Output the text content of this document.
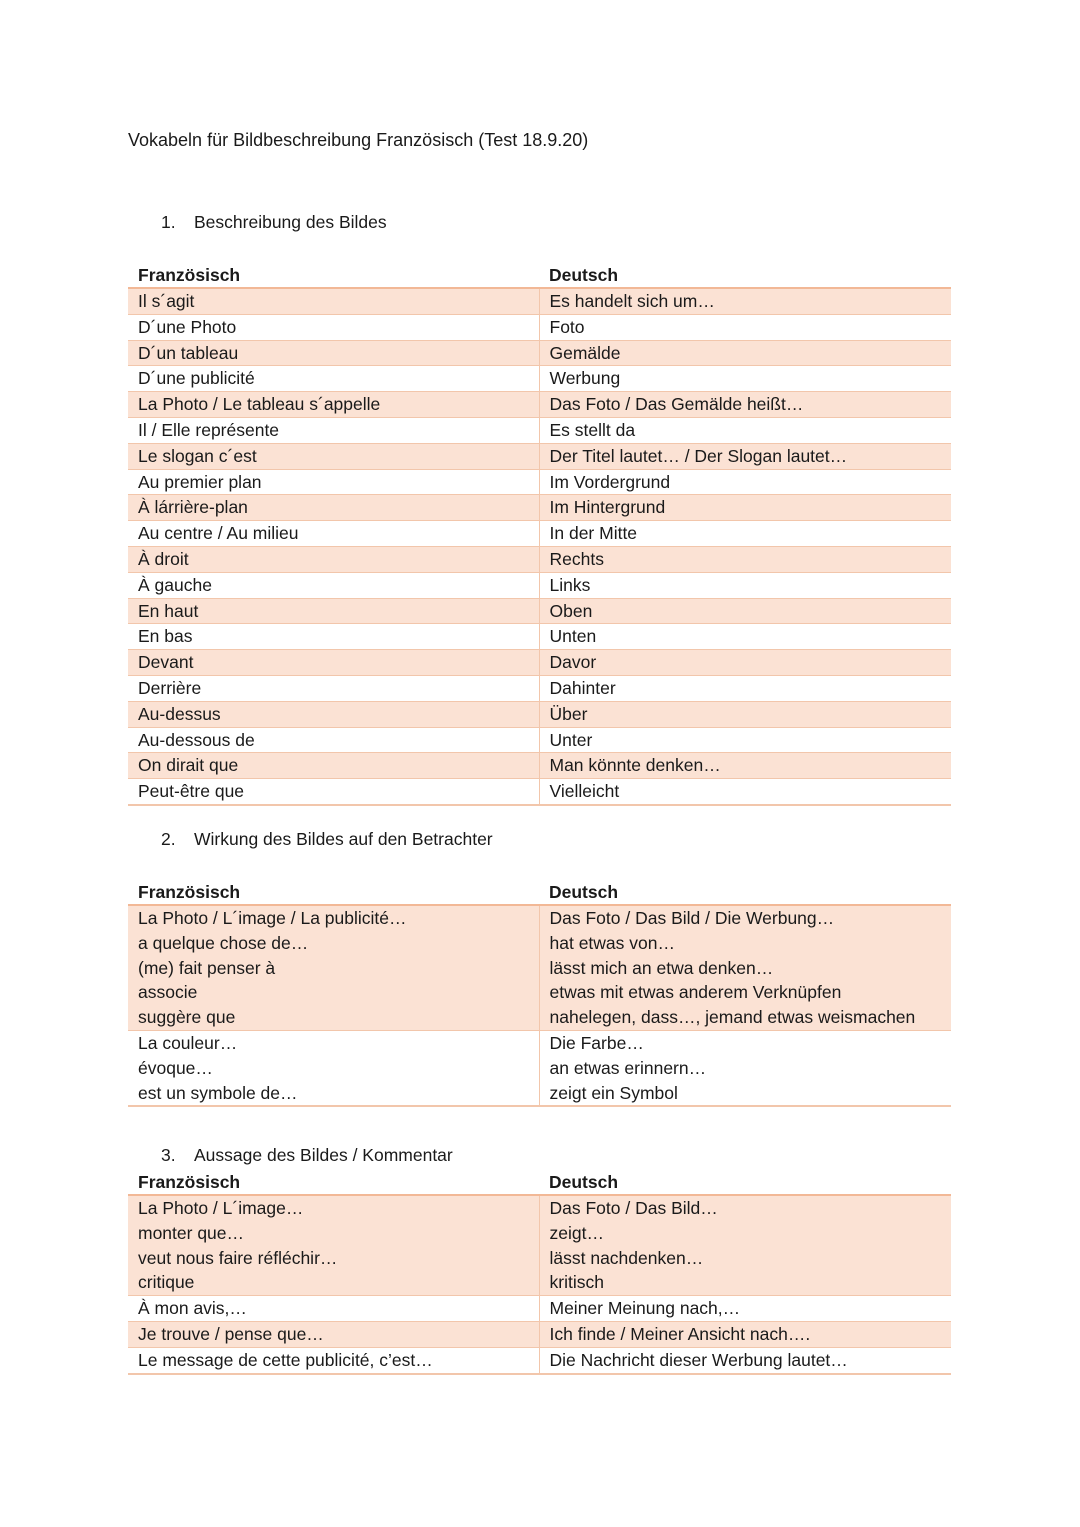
Vokabeln für Bildbeschreibung Französisch (Test 18.9.20)
1. Beschreibung des Bildes
Französisch	Deutsch
Il s´agit	Es handelt sich um…
D´une Photo	Foto
D´un tableau	Gemälde
D´une publicité	Werbung
La Photo / Le tableau s´appelle	Das Foto / Das Gemälde heißt…
Il / Elle représente	Es stellt da
Le slogan c´est	Der Titel lautet… / Der Slogan lautet…
Au premier plan	Im Vordergrund
À lárrière-plan	Im Hintergrund
Au centre / Au milieu	In der Mitte
À droit	Rechts
À gauche	Links
En haut	Oben
En bas	Unten
Devant	Davor
Derrière	Dahinter
Au-dessus	Über
Au-dessous de	Unter
On dirait que	Man könnte denken…
Peut-être que	Vielleicht
2. Wirkung des Bildes auf den Betrachter
Französisch	Deutsch
La Photo / L´image / La publicité…	Das Foto / Das Bild / Die Werbung…
a quelque chose de…	hat etwas von…
(me) fait penser à	lässt mich an etwa denken…
associe	etwas mit etwas anderem Verknüpfen
suggère que	nahelegen, dass…, jemand etwas weismachen
La couleur…	Die Farbe…
évoque…	an etwas erinnern…
est un symbole de…	zeigt ein Symbol
3. Aussage des Bildes / Kommentar
Französisch	Deutsch
La Photo / L´image…	Das Foto / Das Bild…
monter que…	zeigt…
veut nous faire réfléchir…	lässt nachdenken…
critique	kritisch
À mon avis,…	Meiner Meinung nach,…
Je trouve / pense que…	Ich finde / Meiner Ansicht nach….
Le message de cette publicité, c’est…	Die Nachricht dieser Werbung lautet…
